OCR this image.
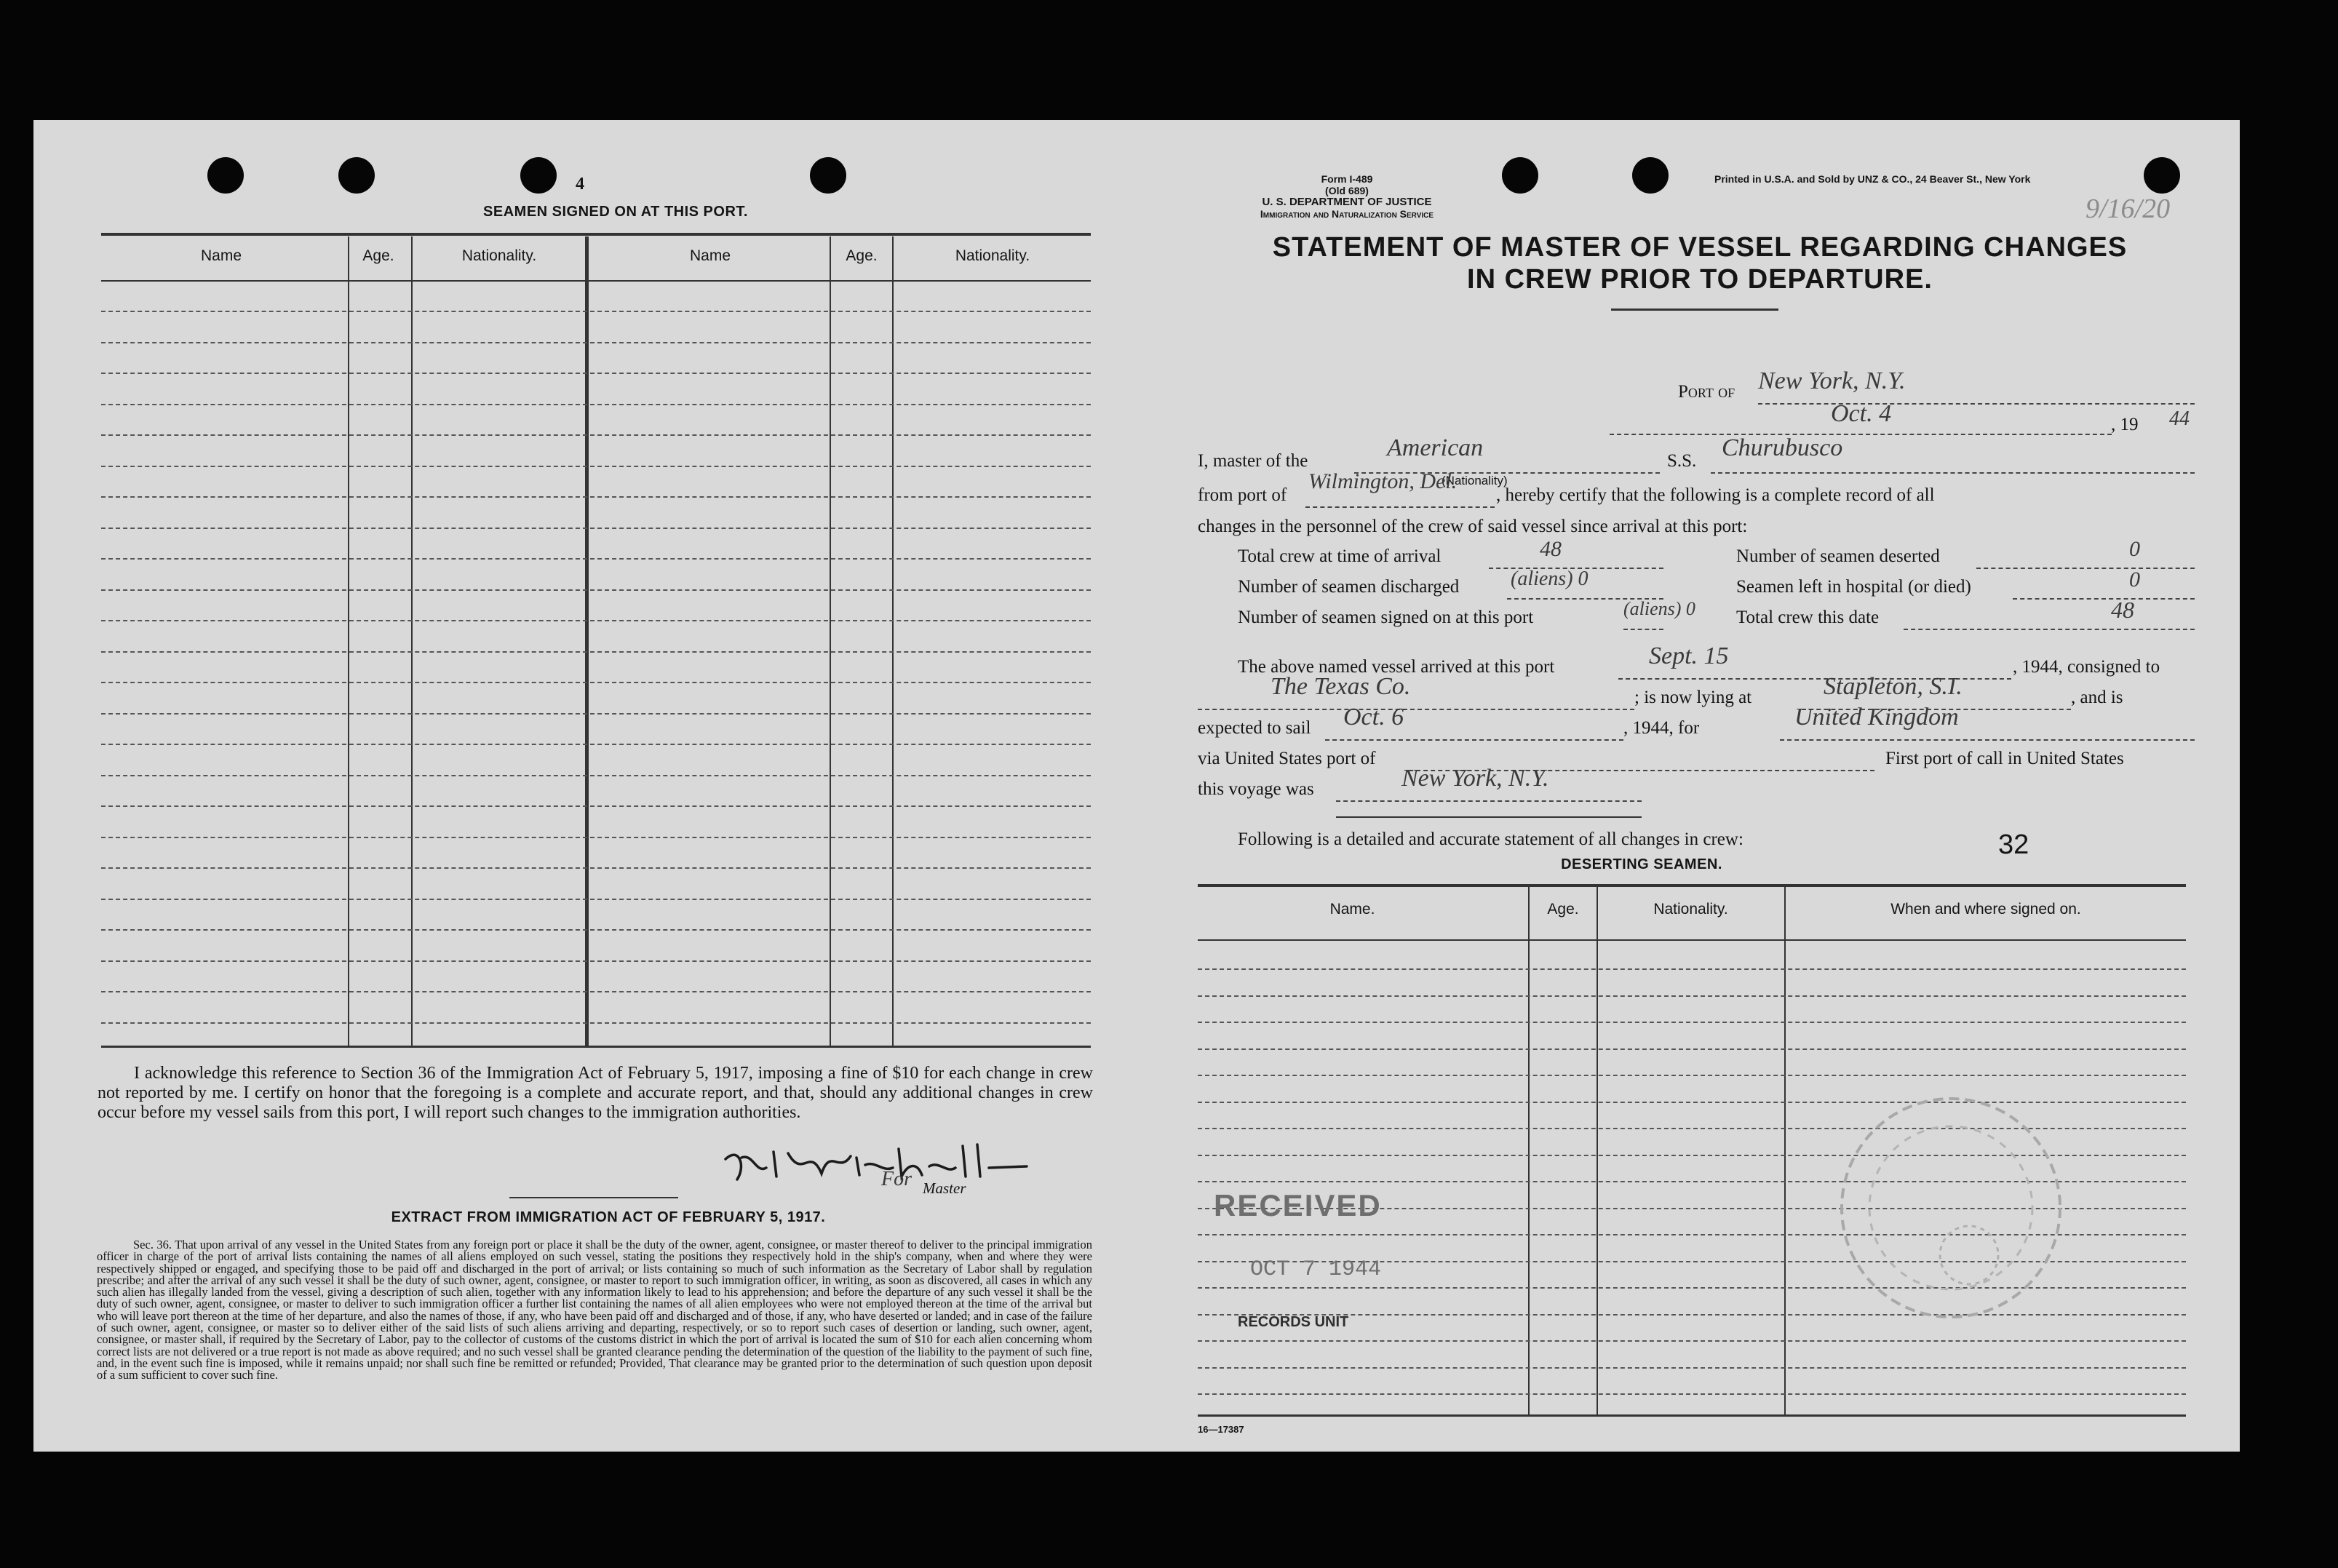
4
SEAMEN SIGNED ON AT THIS PORT.
Name	Age.	Nationality.	Name	Age.	Nationality.
I acknowledge this reference to Section 36 of the Immigration Act of February 5, 1917, imposing a fine of $10 for each change in crew not reported by me. I certify on honor that the foregoing is a complete and accurate report, and that, should any additional changes in crew occur before my vessel sails from this port, I will report such changes to the immigration authorities.
For Master
EXTRACT FROM IMMIGRATION ACT OF FEBRUARY 5, 1917.
Sec. 36. That upon arrival of any vessel in the United States from any foreign port or place it shall be the duty of the owner, agent, consignee, or master thereof to deliver to the principal immigration officer in charge of the port of arrival lists containing the names of all aliens employed on such vessel, stating the positions they respectively hold in the ship's company, when and where they were respectively shipped or engaged, and specifying those to be paid off and discharged in the port of arrival; or lists containing so much of such information as the Secretary of Labor shall by regulation prescribe; and after the arrival of any such vessel it shall be the duty of such owner, agent, consignee, or master to report to such immigration officer, in writing, as soon as discovered, all cases in which any such alien has illegally landed from the vessel, giving a description of such alien, together with any information likely to lead to his apprehension; and before the departure of any such vessel it shall be the duty of such owner, agent, consignee, or master to deliver to such immigration officer a further list containing the names of all alien employees who were not employed thereon at the time of the arrival but who will leave port thereon at the time of her departure, and also the names of those, if any, who have been paid off and discharged and of those, if any, who have deserted or landed; and in case of the failure of such owner, agent, consignee, or master so to deliver either of the said lists of such aliens arriving and departing, respectively, or so to report such cases of desertion or landing, such owner, agent, consignee, or master shall, if required by the Secretary of Labor, pay to the collector of customs of the customs district in which the port of arrival is located the sum of $10 for each alien concerning whom correct lists are not delivered or a true report is not made as above required; and no such vessel shall be granted clearance pending the determination of the question of the liability to the payment of such fine, and, in the event such fine is imposed, while it remains unpaid; nor shall such fine be remitted or refunded; Provided, That clearance may be granted prior to the determination of such question upon deposit of a sum sufficient to cover such fine.
Form I-489
(Old 689)
U. S. DEPARTMENT OF JUSTICE
Immigration and Naturalization Service
Printed in U.S.A. and Sold by UNZ & CO., 24 Beaver St., New York
STATEMENT OF MASTER OF VESSEL REGARDING CHANGES
IN CREW PRIOR TO DEPARTURE.
Port of New York, N.Y.
Oct. 4	, 19 44
I, master of the	American
(Nationality)
S.S. Churubusco
from port of
Wilmington, Del.
, hereby certify that the following is a complete record of all
changes in the personnel of the crew of said vessel since arrival at this port:
Total crew at time of arrival	48	Number of seamen deserted	0
Number of seamen discharged	(aliens) 0	Seamen left in hospital (or died)	0
Number of seamen signed on at this port	(aliens) 0 Total crew this date	48
The above named vessel arrived at this port	Sept. 15	, 1944, consigned to
The Texas Co.	; is now lying at	Stapleton, S.I.	, and is
expected to sail Oct. 6	, 1944, for	United Kingdom
via United States port of	First port of call in United States
this voyage was	New York, N.Y.
Following is a detailed and accurate statement of all changes in crew:	32
DESERTING SEAMEN.
Name.	Age.	Nationality.	When and where signed on.
RECEIVED
OCT 7 1944
RECORDS UNIT
16—17387
9/16/20
